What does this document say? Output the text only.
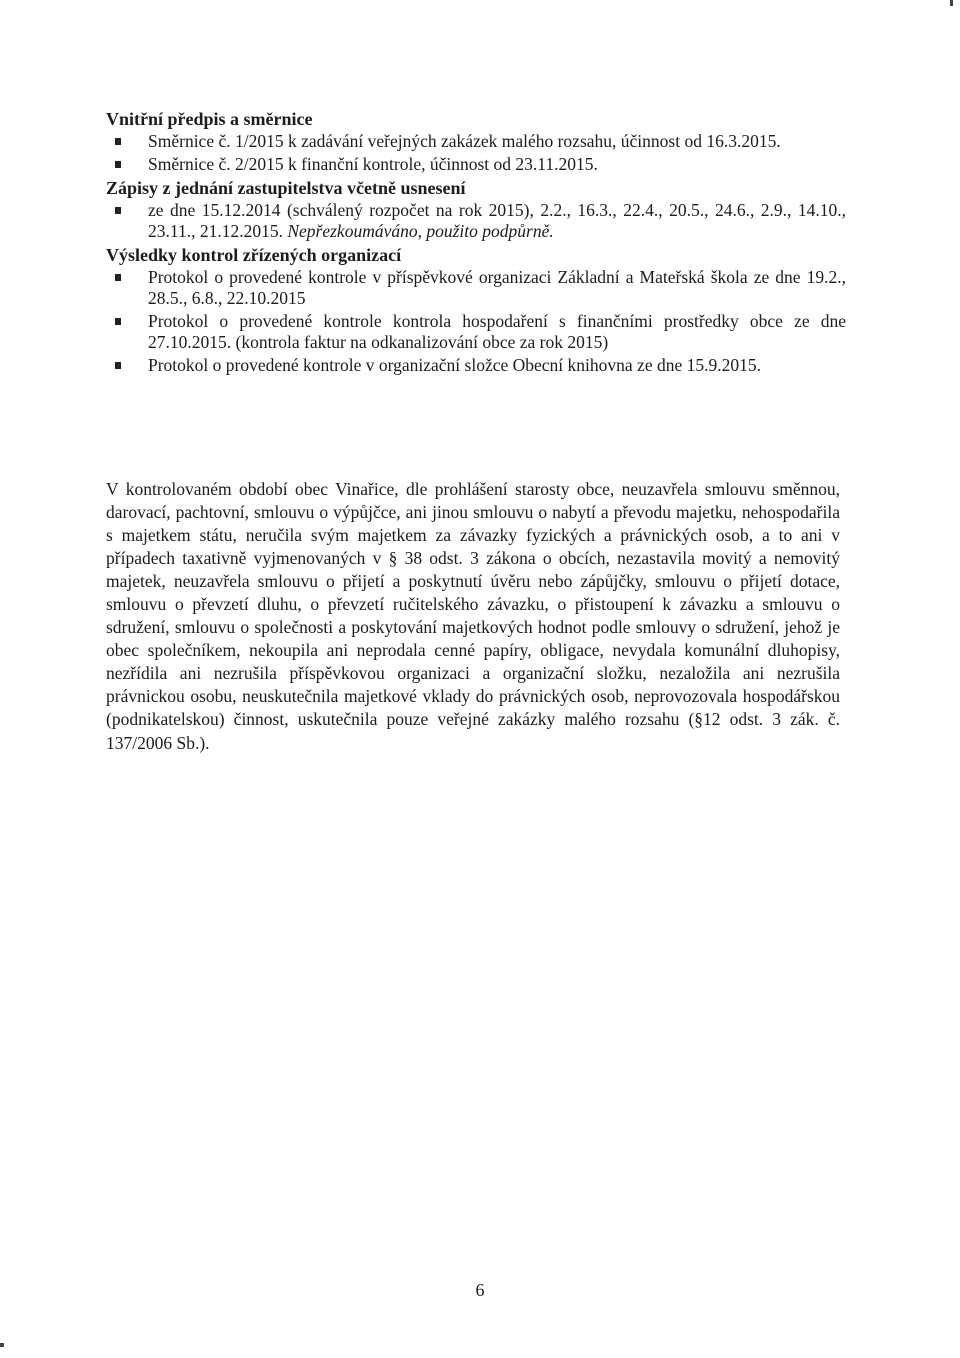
Vnitřní předpis a směrnice
Směrnice č. 1/2015 k zadávání veřejných zakázek malého rozsahu, účinnost od 16.3.2015.
Směrnice č. 2/2015 k finanční kontrole, účinnost od 23.11.2015.
Zápisy z jednání zastupitelstva včetně usnesení
ze dne 15.12.2014 (schválený rozpočet na rok 2015), 2.2., 16.3., 22.4., 20.5., 24.6., 2.9., 14.10., 23.11., 21.12.2015. Nepřezkoumáváno, použito podpůrně.
Výsledky kontrol zřízených organizací
Protokol o provedené kontrole v příspěvkové organizaci Základní a Mateřská škola ze dne 19.2., 28.5., 6.8., 22.10.2015
Protokol o provedené kontrole kontrola hospodaření s finančními prostředky obce ze dne 27.10.2015. (kontrola faktur na odkanalizování obce za rok 2015)
Protokol o provedené kontrole v organizační složce Obecní knihovna ze dne 15.9.2015.

V kontrolovaném období obec Vinařice, dle prohlášení starosty obce, neuzavřela smlouvu směnnou, darovací, pachtovní, smlouvu o výpůjčce, ani jinou smlouvu o nabytí a převodu majetku, nehospodařila s majetkem státu, neručila svým majetkem za závazky fyzických a právnických osob, a to ani v případech taxativně vyjmenovaných v § 38 odst. 3 zákona o obcích, nezastavila movitý a nemovitý majetek, neuzavřela smlouvu o přijetí a poskytnutí úvěru nebo zápůjčky, smlouvu o přijetí dotace, smlouvu o převzetí dluhu, o převzetí ručitelského závazku, o přistoupení k závazku a smlouvu o sdružení, smlouvu o společnosti a poskytování majetkových hodnot podle smlouvy o sdružení, jehož je obec společníkem, nekoupila ani neprodala cenné papíry, obligace, nevydala komunální dluhopisy, nezřídila ani nezrušila příspěvkovou organizaci a organizační složku, nezaložila ani nezrušila právnickou osobu, neuskutečnila majetkové vklady do právnických osob, neprovozovala hospodářskou (podnikatelskou) činnost, uskutečnila pouze veřejné zakázky malého rozsahu (§12 odst. 3 zák. č. 137/2006 Sb.).

6
